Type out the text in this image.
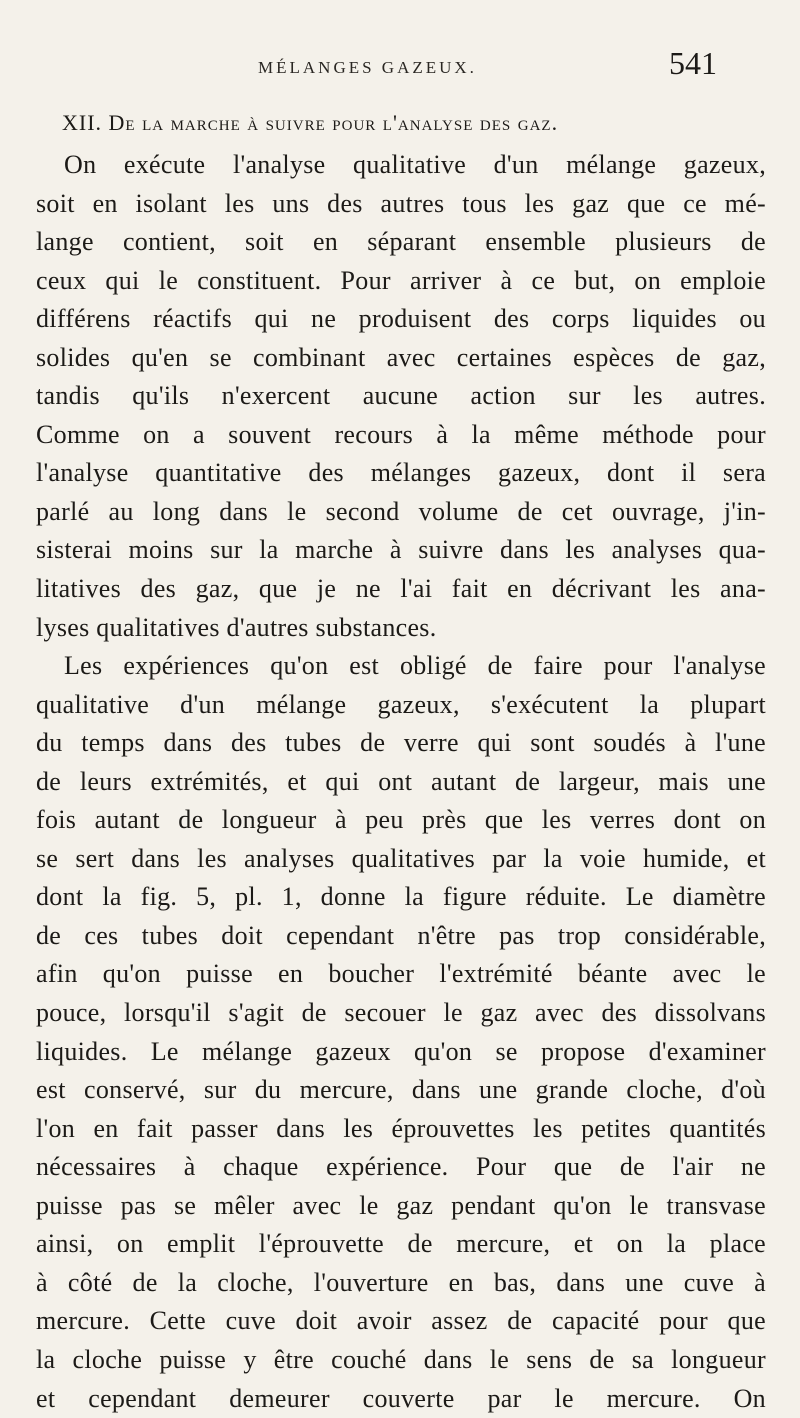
MÉLANGES GAZEUX.	541
XII. De la marche à suivre pour l'analyse des gaz.
On exécute l'analyse qualitative d'un mélange gazeux,
soit en isolant les uns des autres tous les gaz que ce mé-
lange contient, soit en séparant ensemble plusieurs de
ceux qui le constituent. Pour arriver à ce but, on emploie
différens réactifs qui ne produisent des corps liquides ou
solides qu'en se combinant avec certaines espèces de gaz,
tandis qu'ils n'exercent aucune action sur les autres.
Comme on a souvent recours à la même méthode pour
l'analyse quantitative des mélanges gazeux, dont il sera
parlé au long dans le second volume de cet ouvrage, j'in-
sisterai moins sur la marche à suivre dans les analyses qua-
litatives des gaz, que je ne l'ai fait en décrivant les ana-
lyses qualitatives d'autres substances.
Les expériences qu'on est obligé de faire pour l'analyse
qualitative d'un mélange gazeux, s'exécutent la plupart
du temps dans des tubes de verre qui sont soudés à l'une
de leurs extrémités, et qui ont autant de largeur, mais une
fois autant de longueur à peu près que les verres dont on
se sert dans les analyses qualitatives par la voie humide, et
dont la fig. 5, pl. 1, donne la figure réduite. Le diamètre
de ces tubes doit cependant n'être pas trop considérable,
afin qu'on puisse en boucher l'extrémité béante avec le
pouce, lorsqu'il s'agit de secouer le gaz avec des dissolvans
liquides. Le mélange gazeux qu'on se propose d'examiner
est conservé, sur du mercure, dans une grande cloche, d'où
l'on en fait passer dans les éprouvettes les petites quantités
nécessaires à chaque expérience. Pour que de l'air ne
puisse pas se mêler avec le gaz pendant qu'on le transvase
ainsi, on emplit l'éprouvette de mercure, et on la place
à côté de la cloche, l'ouverture en bas, dans une cuve à
mercure. Cette cuve doit avoir assez de capacité pour que
la cloche puisse y être couché dans le sens de sa longueur
et cependant demeurer couverte par le mercure. On
